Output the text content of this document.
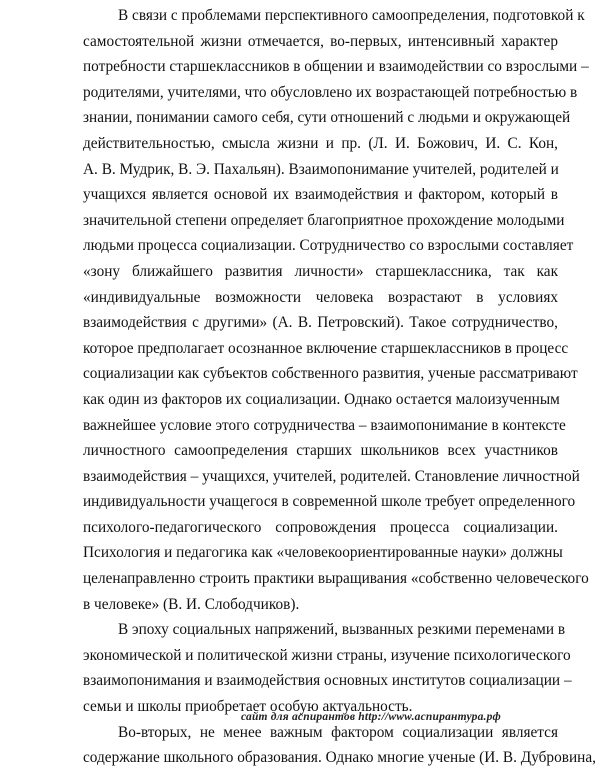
В связи с проблемами перспективного самоопределения, подготовкой к
самостоятельной жизни отмечается, во-первых, интенсивный характер
потребности старшеклассников в общении и взаимодействии со взрослыми –
родителями, учителями, что обусловлено их возрастающей потребностью в
знании, понимании самого себя, сути отношений с людьми и окружающей
действительностью, смысла жизни и пр. (Л. И. Божович, И. С. Кон,
А. В. Мудрик, В. Э. Пахальян). Взаимопонимание учителей, родителей и
учащихся является основой их взаимодействия и фактором, который в
значительной степени определяет благоприятное прохождение молодыми
людьми процесса социализации. Сотрудничество со взрослыми составляет
«зону ближайшего развития личности» старшеклассника, так как
«индивидуальные возможности человека возрастают в условиях
взаимодействия с другими» (А. В. Петровский). Такое сотрудничество,
которое предполагает осознанное включение старшеклассников в процесс
социализации как субъектов собственного развития, ученые рассматривают
как один из факторов их социализации. Однако остается малоизученным
важнейшее условие этого сотрудничества – взаимопонимание в контексте
личностного самоопределения старших школьников всех участников
взаимодействия – учащихся, учителей, родителей. Становление личностной
индивидуальности учащегося в современной школе требует определенного
психолого-педагогического сопровождения процесса социализации.
Психология и педагогика как «человекоориентированные науки» должны
целенаправленно строить практики выращивания «собственно человеческого
в человеке» (В. И. Слободчиков).
В эпоху социальных напряжений, вызванных резкими переменами в
экономической и политической жизни страны, изучение психологического
взаимопонимания и взаимодействия основных институтов социализации –
семьи и школы приобретает особую актуальность.
Во-вторых, не менее важным фактором социализации является
содержание школьного образования. Однако многие ученые (И. В. Дубровина,
сайт для аспирантов http://www.аспирантура.рф
